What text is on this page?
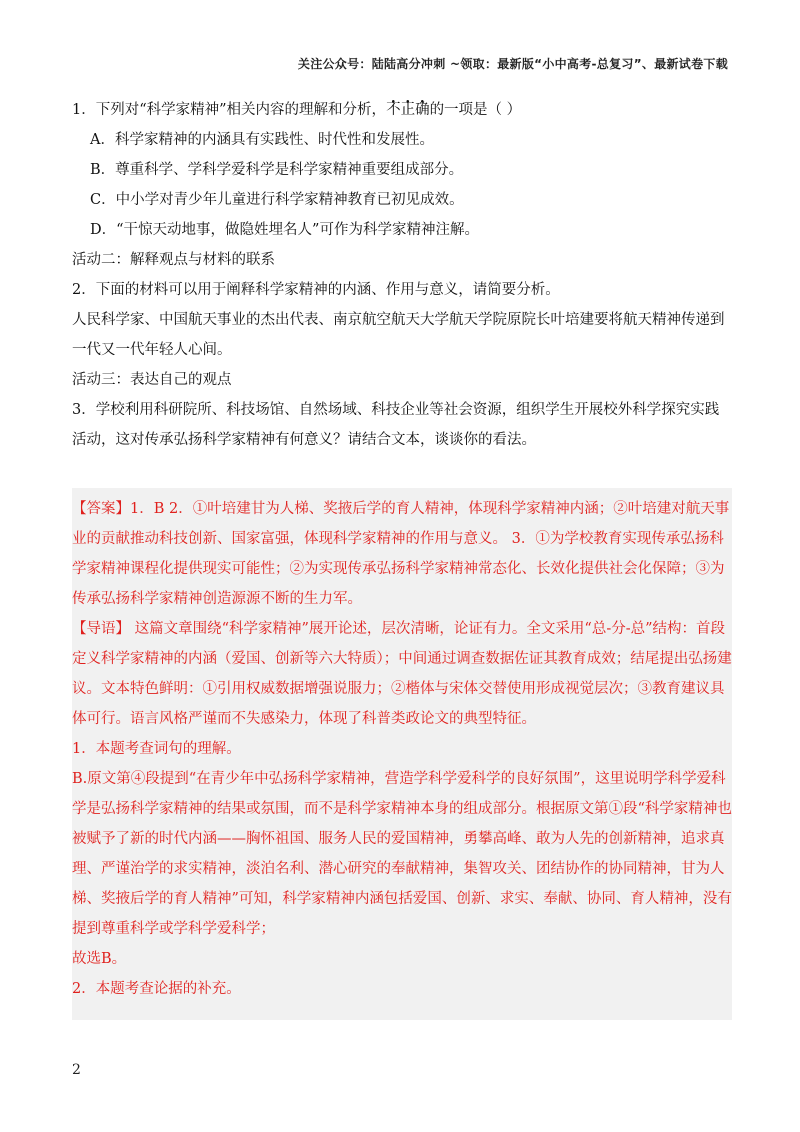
关注公众号：陆陆高分冲刺 ~领取：最新版“小中高考-总复习”、最新试卷下载
1．下列对“科学家精神”相关内容的理解和分析，不正确的一项是（ ）
A．科学家精神的内涵具有实践性、时代性和发展性。
B．尊重科学、学科学爱科学是科学家精神重要组成部分。
C．中小学对青少年儿童进行科学家精神教育已初见成效。
D．“干惊天动地事，做隐姓埋名人”可作为科学家精神注解。
活动二：解释观点与材料的联系
2．下面的材料可以用于阐释科学家精神的内涵、作用与意义，请简要分析。
人民科学家、中国航天事业的杰出代表、南京航空航天大学航天学院原院长叶培建要将航天精神传递到一代又一代年轻人心间。
活动三：表达自己的观点
3．学校利用科研院所、科技场馆、自然场域、科技企业等社会资源，组织学生开展校外科学探究实践活动，这对传承弘扬科学家精神有何意义？请结合文本，谈谈你的看法。

【答案】1．B 2．①叶培建甘为人梯、奖掖后学的育人精神，体现科学家精神内涵；②叶培建对航天事业的贡献推动科技创新、国家富强，体现科学家精神的作用与意义。 3．①为学校教育实现传承弘扬科学家精神课程化提供现实可能性；②为实现传承弘扬科学家精神常态化、长效化提供社会化保障；③为传承弘扬科学家精神创造源源不断的生力军。

【导语】 这篇文章围绕“科学家精神”展开论述，层次清晰，论证有力。全文采用“总-分-总”结构：首段定义科学家精神的内涵（爱国、创新等六大特质）；中间通过调查数据佐证其教育成效；结尾提出弘扬建议。文本特色鲜明：①引用权威数据增强说服力；②楷体与宋体交替使用形成视觉层次；③教育建议具体可行。语言风格严谨而不失感染力，体现了科普类政论文的典型特征。

1．本题考查词句的理解。

B.原文第④段提到“在青少年中弘扬科学家精神，营造学科学爱科学的良好氛围”，这里说明学科学爱科学是弘扬科学家精神的结果或氛围，而不是科学家精神本身的组成部分。根据原文第①段“科学家精神也被赋予了新的时代内涵——胸怀祖国、服务人民的爱国精神，勇攀高峰、敢为人先的创新精神，追求真理、严谨治学的求实精神，淡泊名利、潜心研究的奉献精神，集智攻关、团结协作的协同精神，甘为人梯、奖掖后学的育人精神”可知，科学家精神内涵包括爱国、创新、求实、奉献、协同、育人精神，没有提到尊重科学或学科学爱科学；

故选B。

2．本题考查论据的补充。

2
